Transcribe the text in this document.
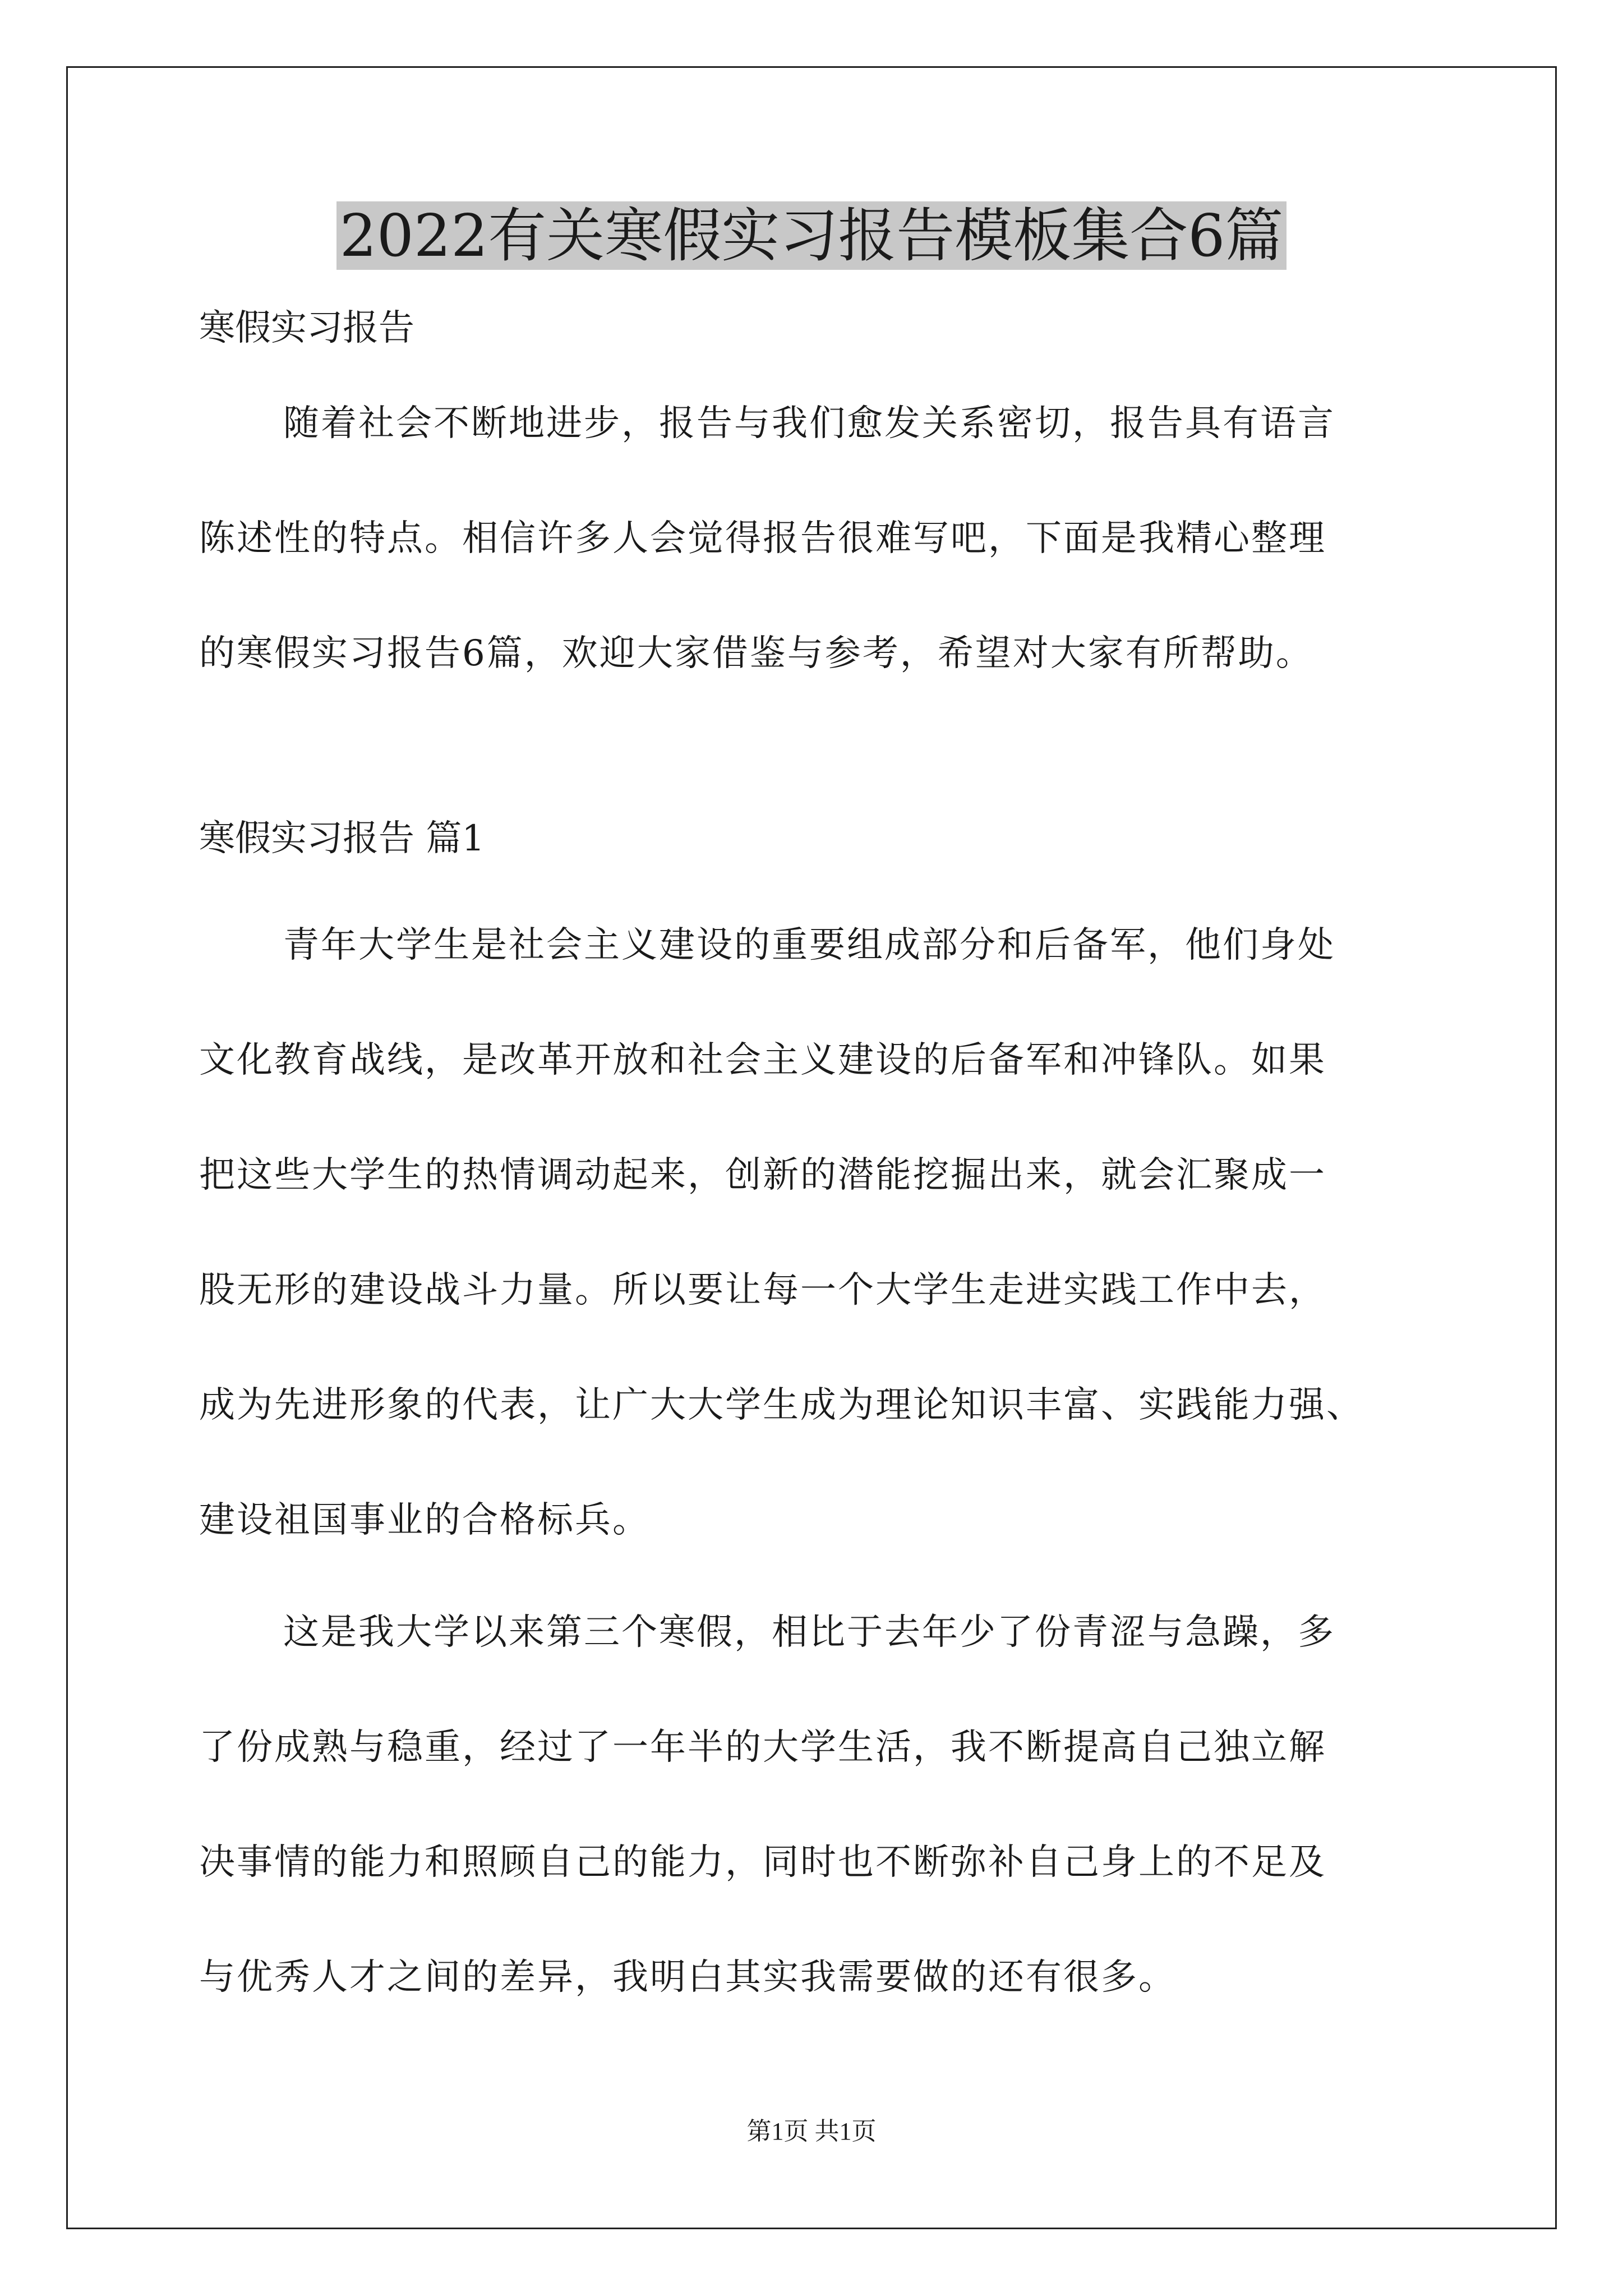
2022有关寒假实习报告模板集合6篇

寒假实习报告

随着社会不断地进步，报告与我们愈发关系密切，报告具有语言
陈述性的特点。相信许多人会觉得报告很难写吧，下面是我精心整理
的寒假实习报告6篇，欢迎大家借鉴与参考，希望对大家有所帮助。

寒假实习报告 篇1

青年大学生是社会主义建设的重要组成部分和后备军，他们身处
文化教育战线，是改革开放和社会主义建设的后备军和冲锋队。如果
把这些大学生的热情调动起来，创新的潜能挖掘出来，就会汇聚成一
股无形的建设战斗力量。所以要让每一个大学生走进实践工作中去，
成为先进形象的代表，让广大大学生成为理论知识丰富、实践能力强、
建设祖国事业的合格标兵。

这是我大学以来第三个寒假，相比于去年少了份青涩与急躁，多
了份成熟与稳重，经过了一年半的大学生活，我不断提高自己独立解
决事情的能力和照顾自己的能力，同时也不断弥补自己身上的不足及
与优秀人才之间的差异，我明白其实我需要做的还有很多。

第1页 共1页
